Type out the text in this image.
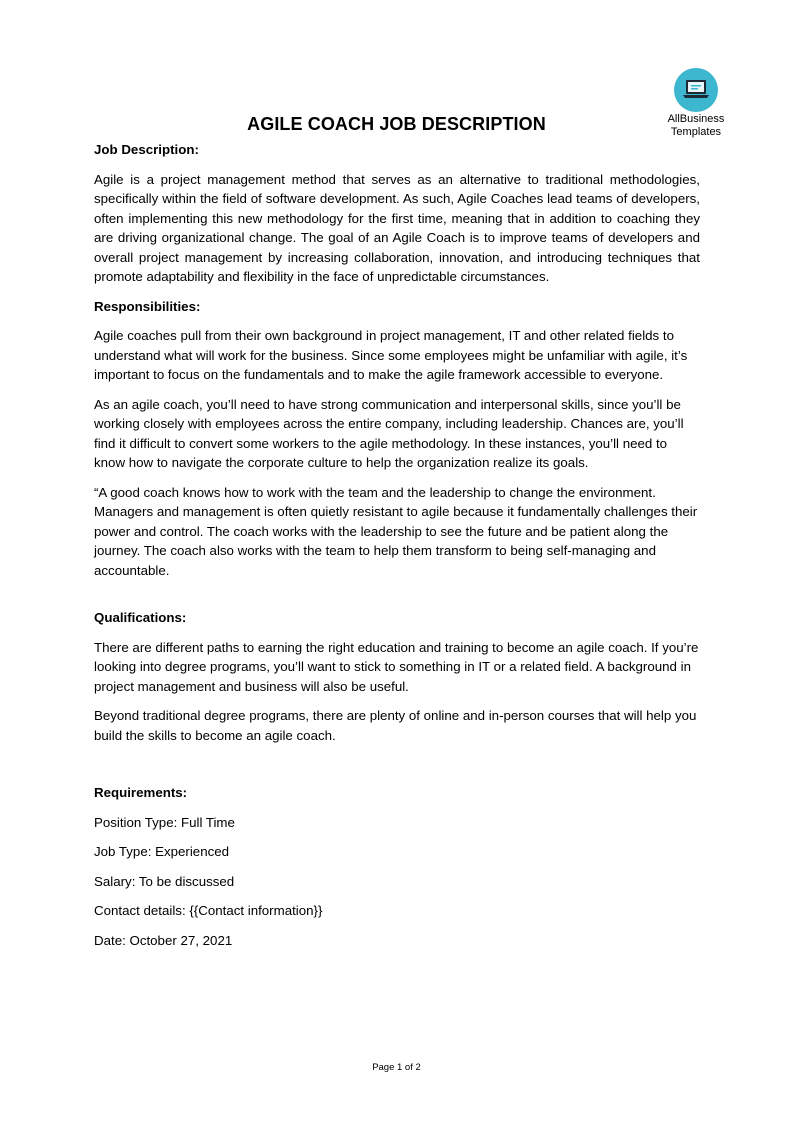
AllBusiness
Templates
AGILE COACH JOB DESCRIPTION

Job Description:

Agile is a project management method that serves as an alternative to traditional methodologies, specifically within the field of software development. As such, Agile Coaches lead teams of developers, often implementing this new methodology for the first time, meaning that in addition to coaching they are driving organizational change. The goal of an Agile Coach is to improve teams of developers and overall project management by increasing collaboration, innovation, and introducing techniques that promote adaptability and flexibility in the face of unpredictable circumstances.

Responsibilities:

Agile coaches pull from their own background in project management, IT and other related fields to understand what will work for the business. Since some employees might be unfamiliar with agile, it’s important to focus on the fundamentals and to make the agile framework accessible to everyone.

As an agile coach, you’ll need to have strong communication and interpersonal skills, since you’ll be working closely with employees across the entire company, including leadership. Chances are, you’ll find it difficult to convert some workers to the agile methodology. In these instances, you’ll need to know how to navigate the corporate culture to help the organization realize its goals.

“A good coach knows how to work with the team and the leadership to change the environment. Managers and management is often quietly resistant to agile because it fundamentally challenges their power and control. The coach works with the leadership to see the future and be patient along the journey. The coach also works with the team to help them transform to being self-managing and accountable.

Qualifications:

There are different paths to earning the right education and training to become an agile coach. If you’re looking into degree programs, you’ll want to stick to something in IT or a related field. A background in project management and business will also be useful.

Beyond traditional degree programs, there are plenty of online and in-person courses that will help you build the skills to become an agile coach.

Requirements:

Position Type: Full Time

Job Type: Experienced

Salary: To be discussed

Contact details: {{Contact information}}

Date: October 27, 2021

Page 1 of 2
